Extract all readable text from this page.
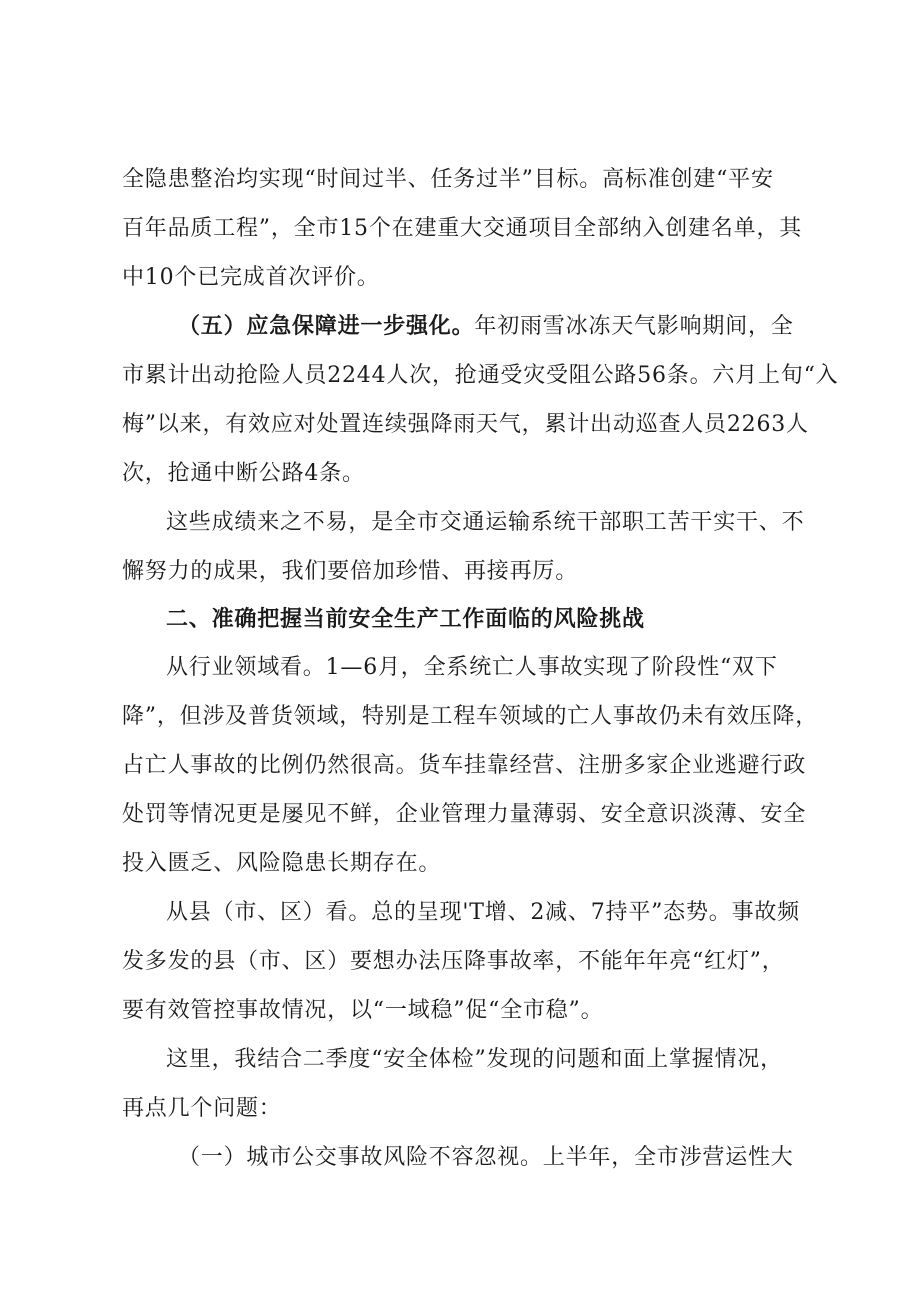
全隐患整治均实现“时间过半、任务过半”目标。高标准创建“平安
百年品质工程”，全市15个在建重大交通项目全部纳入创建名单，其
中10个已完成首次评价。
（五）应急保障进一步强化。年初雨雪冰冻天气影响期间，全
市累计出动抢险人员2244人次，抢通受灾受阻公路56条。六月上旬“入
梅”以来，有效应对处置连续强降雨天气，累计出动巡查人员2263人
次，抢通中断公路4条。
这些成绩来之不易，是全市交通运输系统干部职工苦干实干、不
懈努力的成果，我们要倍加珍惜、再接再厉。
二、准确把握当前安全生产工作面临的风险挑战
从行业领域看。1—6月，全系统亡人事故实现了阶段性“双下
降”，但涉及普货领域，特别是工程车领域的亡人事故仍未有效压降，
占亡人事故的比例仍然很高。货车挂靠经营、注册多家企业逃避行政
处罚等情况更是屡见不鲜，企业管理力量薄弱、安全意识淡薄、安全
投入匮乏、风险隐患长期存在。
从县（市、区）看。总的呈现'T增、2减、7持平”态势。事故频
发多发的县（市、区）要想办法压降事故率，不能年年亮“红灯”，
要有效管控事故情况，以“一域稳”促“全市稳”。
这里，我结合二季度“安全体检”发现的问题和面上掌握情况，
再点几个问题：
（一）城市公交事故风险不容忽视。上半年，全市涉营运性大
